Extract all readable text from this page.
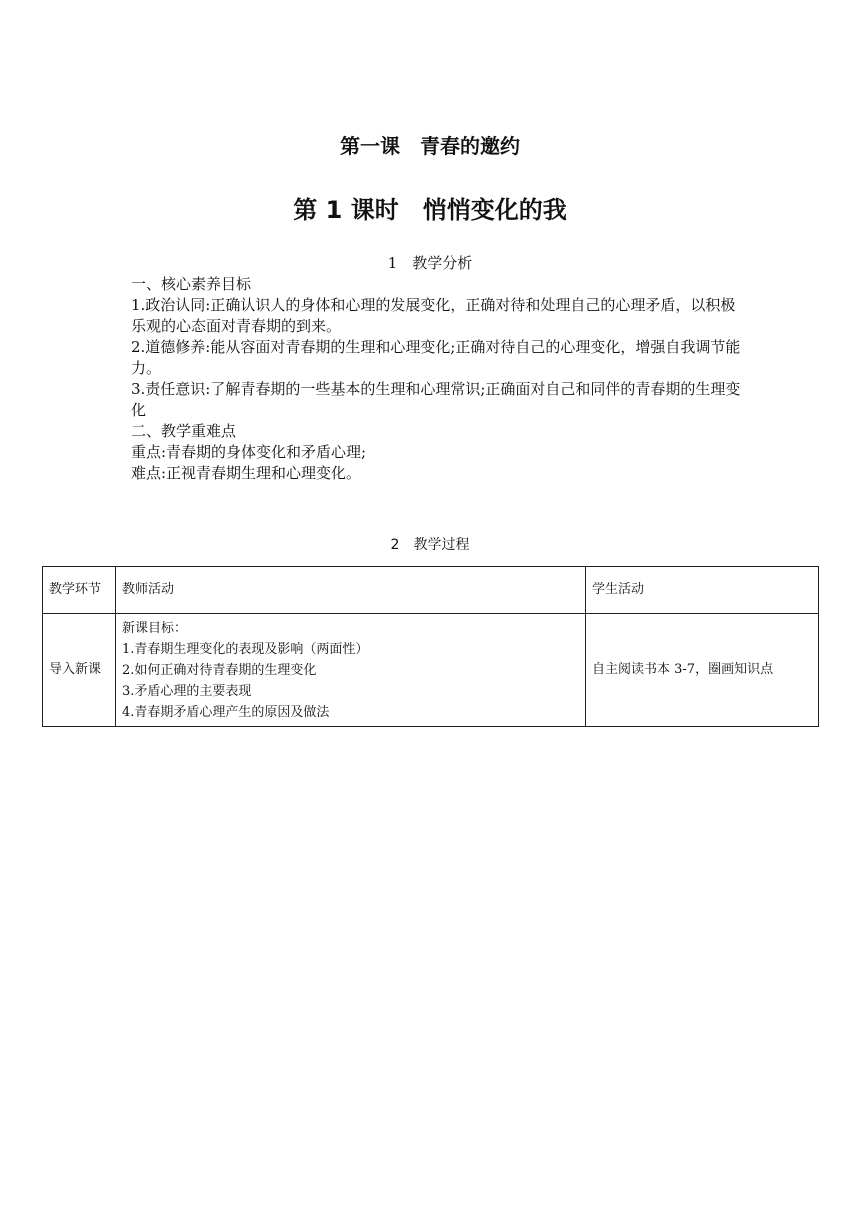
第一课　青春的邀约
第 1 课时　悄悄变化的我
1　教学分析

一、核心素养目标

1.政治认同:正确认识人的身体和心理的发展变化，正确对待和处理自己的心理矛盾，以积极乐观的心态面对青春期的到来。

2.道德修养:能从容面对青春期的生理和心理变化;正确对待自己的心理变化，增强自我调节能力。

3.责任意识:了解青春期的一些基本的生理和心理常识;正确面对自己和同伴的青春期的生理变化

二、教学重难点

重点:青春期的身体变化和矛盾心理;

难点:正视青春期生理和心理变化。

2　教学过程
教学环节	教师活动	学生活动
导入新课	新课目标：
1.青春期生理变化的表现及影响（两面性）
2.如何正确对待青春期的生理变化
3.矛盾心理的主要表现
4.青春期矛盾心理产生的原因及做法	自主阅读书本 3-7，圈画知识点
